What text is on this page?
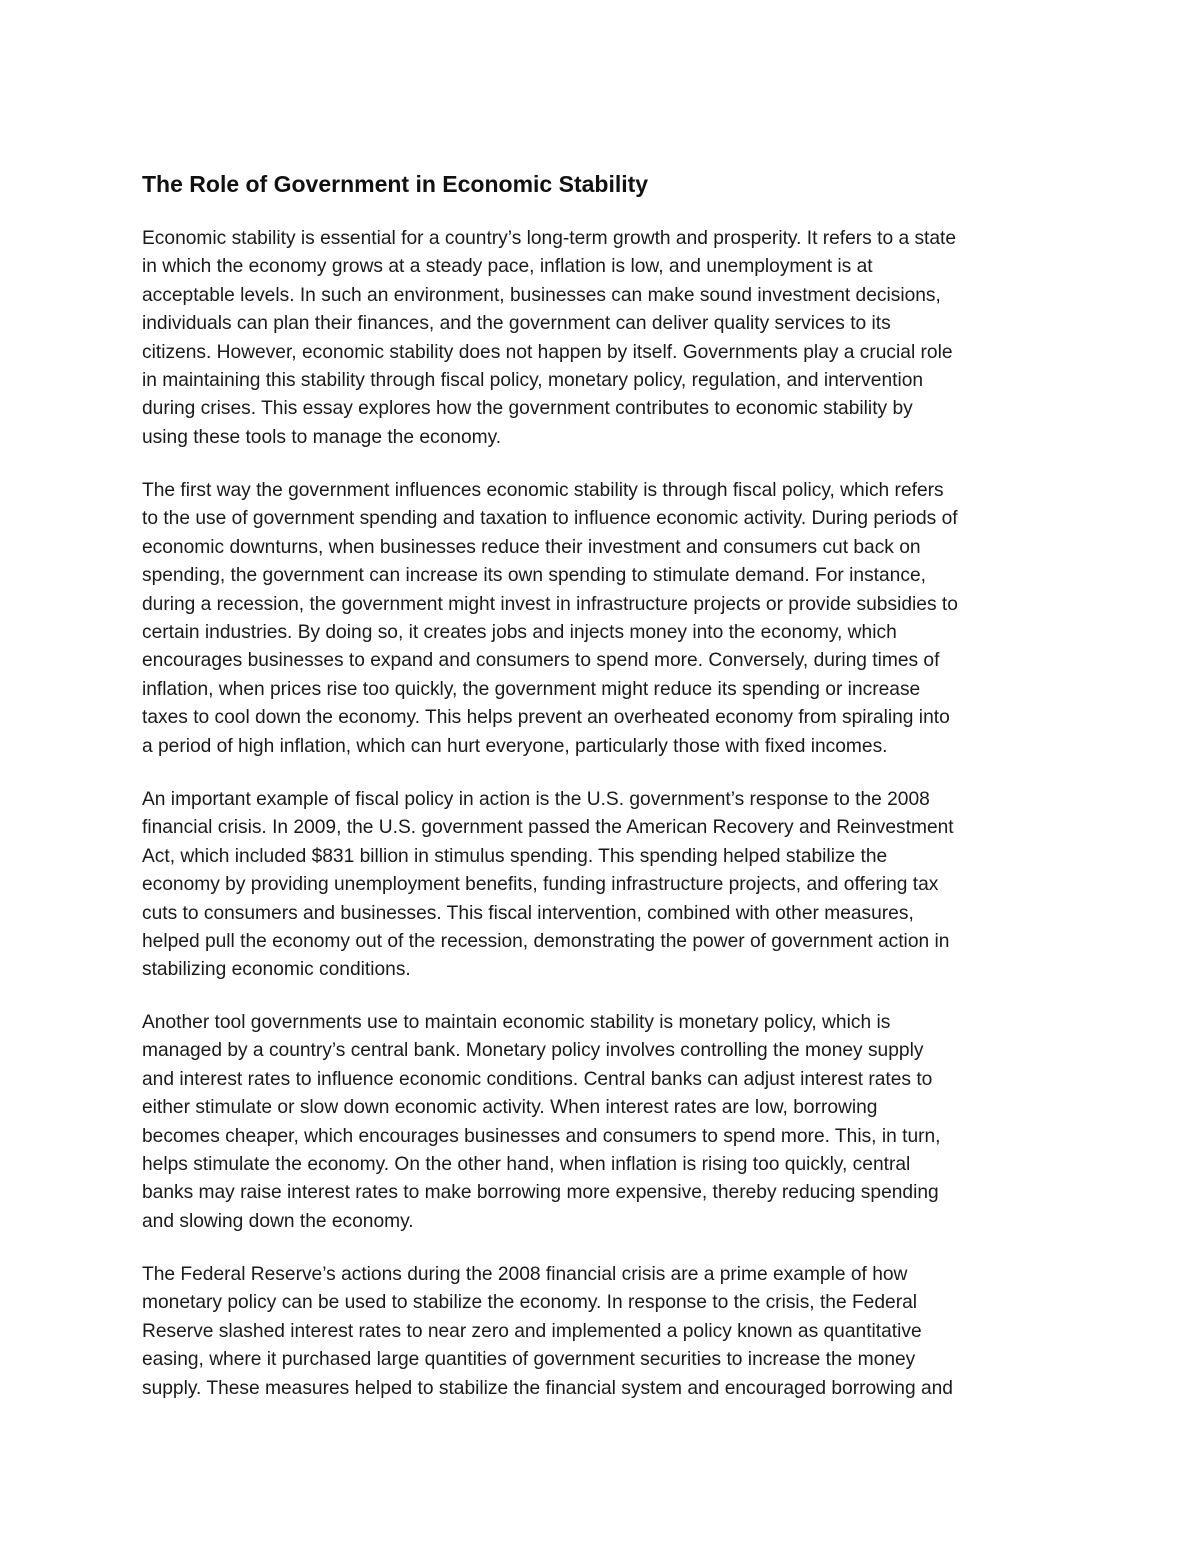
The Role of Government in Economic Stability

Economic stability is essential for a country’s long-term growth and prosperity. It refers to a state
in which the economy grows at a steady pace, inflation is low, and unemployment is at
acceptable levels. In such an environment, businesses can make sound investment decisions,
individuals can plan their finances, and the government can deliver quality services to its
citizens. However, economic stability does not happen by itself. Governments play a crucial role
in maintaining this stability through fiscal policy, monetary policy, regulation, and intervention
during crises. This essay explores how the government contributes to economic stability by
using these tools to manage the economy.

The first way the government influences economic stability is through fiscal policy, which refers
to the use of government spending and taxation to influence economic activity. During periods of
economic downturns, when businesses reduce their investment and consumers cut back on
spending, the government can increase its own spending to stimulate demand. For instance,
during a recession, the government might invest in infrastructure projects or provide subsidies to
certain industries. By doing so, it creates jobs and injects money into the economy, which
encourages businesses to expand and consumers to spend more. Conversely, during times of
inflation, when prices rise too quickly, the government might reduce its spending or increase
taxes to cool down the economy. This helps prevent an overheated economy from spiraling into
a period of high inflation, which can hurt everyone, particularly those with fixed incomes.

An important example of fiscal policy in action is the U.S. government’s response to the 2008
financial crisis. In 2009, the U.S. government passed the American Recovery and Reinvestment
Act, which included $831 billion in stimulus spending. This spending helped stabilize the
economy by providing unemployment benefits, funding infrastructure projects, and offering tax
cuts to consumers and businesses. This fiscal intervention, combined with other measures,
helped pull the economy out of the recession, demonstrating the power of government action in
stabilizing economic conditions.

Another tool governments use to maintain economic stability is monetary policy, which is
managed by a country’s central bank. Monetary policy involves controlling the money supply
and interest rates to influence economic conditions. Central banks can adjust interest rates to
either stimulate or slow down economic activity. When interest rates are low, borrowing
becomes cheaper, which encourages businesses and consumers to spend more. This, in turn,
helps stimulate the economy. On the other hand, when inflation is rising too quickly, central
banks may raise interest rates to make borrowing more expensive, thereby reducing spending
and slowing down the economy.

The Federal Reserve’s actions during the 2008 financial crisis are a prime example of how
monetary policy can be used to stabilize the economy. In response to the crisis, the Federal
Reserve slashed interest rates to near zero and implemented a policy known as quantitative
easing, where it purchased large quantities of government securities to increase the money
supply. These measures helped to stabilize the financial system and encouraged borrowing and
